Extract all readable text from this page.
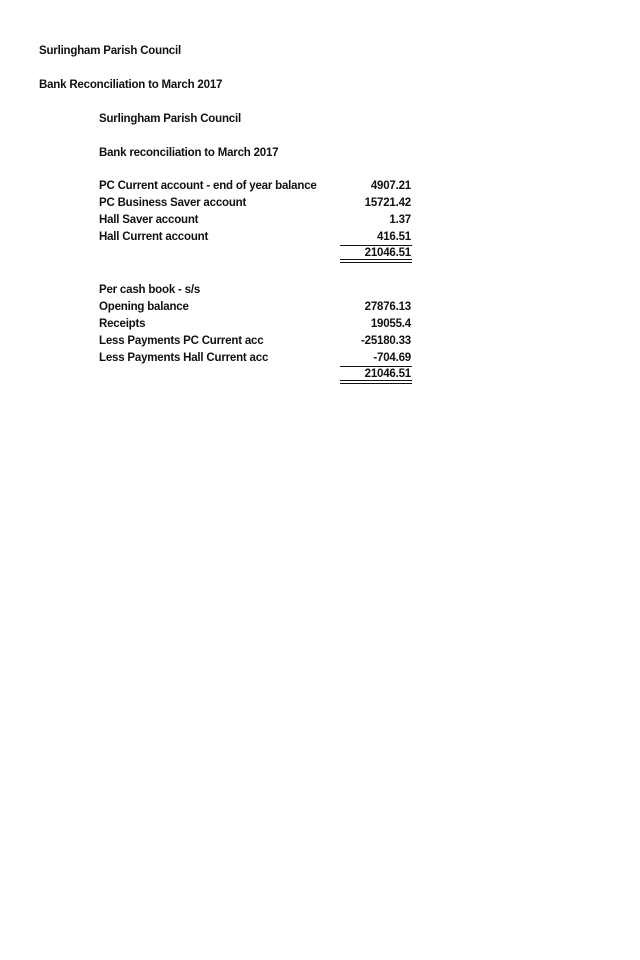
Surlingham Parish Council
Bank Reconciliation to March 2017
Surlingham Parish Council
Bank reconciliation to March 2017
PC Current account - end of year balance	4907.21
PC Business Saver account	15721.42
Hall Saver account	1.37
Hall Current account	416.51
21046.51
Per cash book - s/s
Opening balance	27876.13
Receipts	19055.4
Less Payments PC Current acc	-25180.33
Less Payments Hall Current acc	-704.69
21046.51
